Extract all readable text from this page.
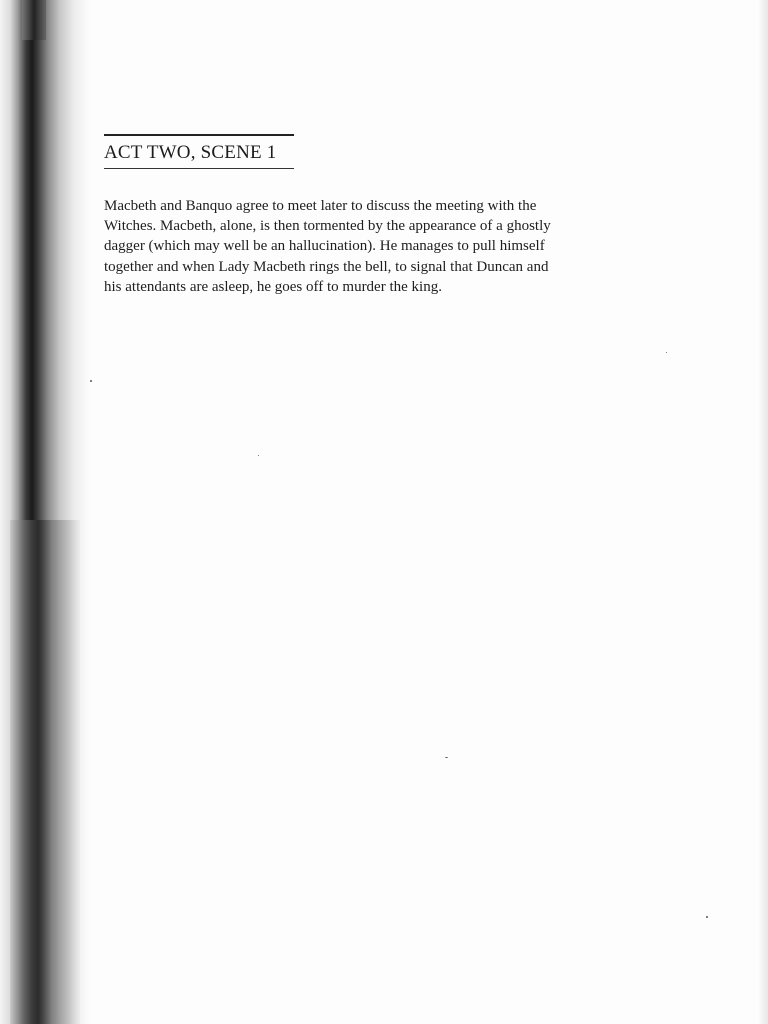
ACT TWO, SCENE 1
Macbeth and Banquo agree to meet later to discuss the meeting with the
Witches. Macbeth, alone, is then tormented by the appearance of a ghostly
dagger (which may well be an hallucination). He manages to pull himself
together and when Lady Macbeth rings the bell, to signal that Duncan and
his attendants are asleep, he goes off to murder the king.
